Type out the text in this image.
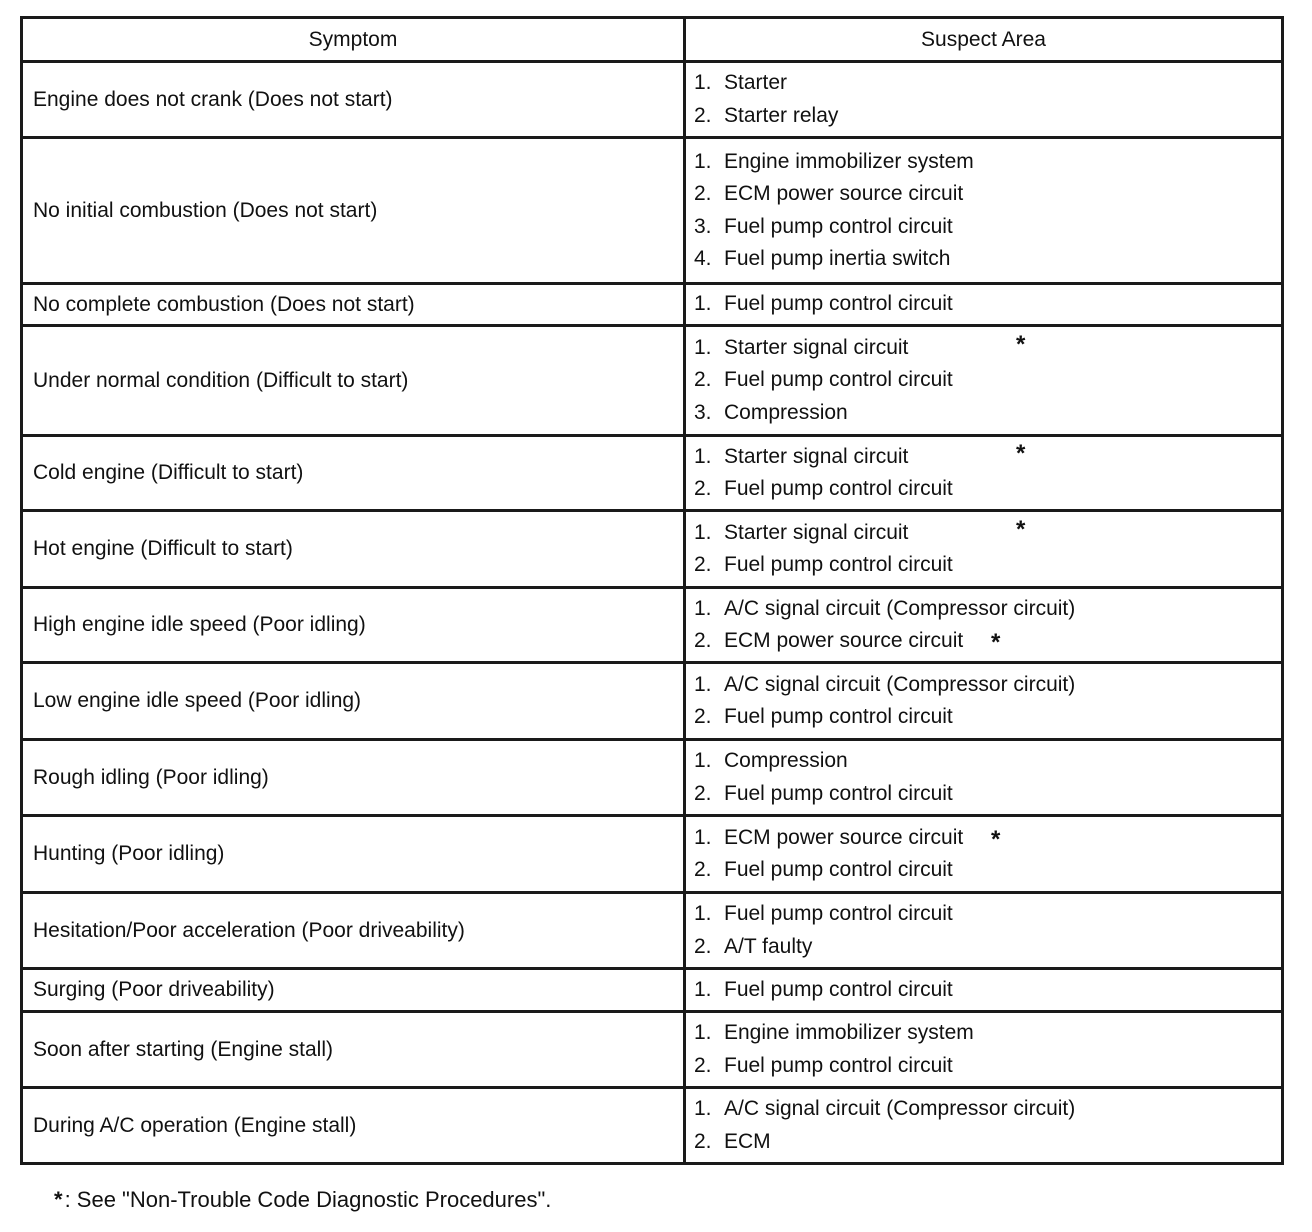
Symptom	Suspect Area
Engine does not crank (Does not start)	1. Starter
2. Starter relay

No initial combustion (Does not start)	1. Engine immobilizer system
2. ECM power source circuit
3. Fuel pump control circuit
4. Fuel pump inertia switch

No complete combustion (Does not start)	1. Fuel pump control circuit

Under normal condition (Difficult to start)	1. Starter signal circuit *
2. Fuel pump control circuit
3. Compression

Cold engine (Difficult to start)	1. Starter signal circuit *
2. Fuel pump control circuit

Hot engine (Difficult to start)	1. Starter signal circuit *
2. Fuel pump control circuit

High engine idle speed (Poor idling)	1. A/C signal circuit (Compressor circuit)
2. ECM power source circuit *

Low engine idle speed (Poor idling)	1. A/C signal circuit (Compressor circuit)
2. Fuel pump control circuit

Rough idling (Poor idling)	1. Compression
2. Fuel pump control circuit

Hunting (Poor idling)	1. ECM power source circuit *
2. Fuel pump control circuit

Hesitation/Poor acceleration (Poor driveability)	1. Fuel pump control circuit
2. A/T faulty

Surging (Poor driveability)	1. Fuel pump control circuit

Soon after starting (Engine stall)	1. Engine immobilizer system
2. Fuel pump control circuit

During A/C operation (Engine stall)	1. A/C signal circuit (Compressor circuit)
2. ECM
*: See "Non-Trouble Code Diagnostic Procedures".
